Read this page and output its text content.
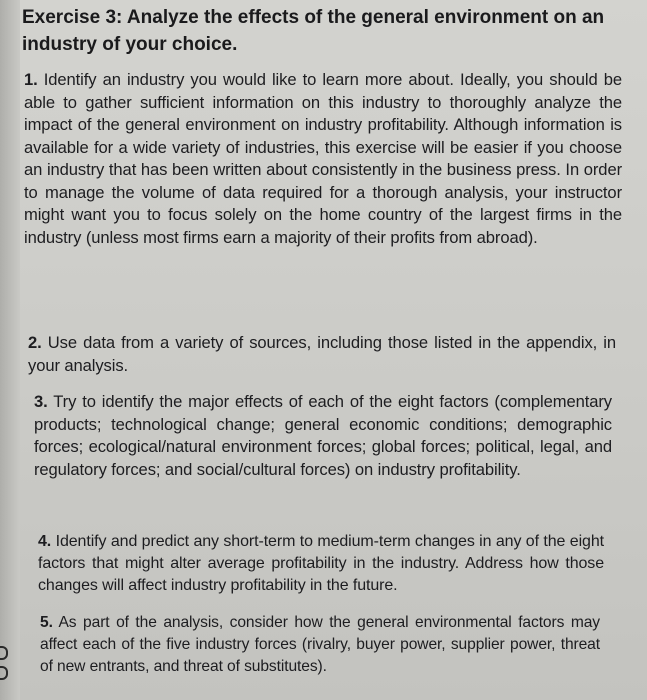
Exercise 3: Analyze the effects of the general environment on an industry of your choice.
1. Identify an industry you would like to learn more about. Ideally, you should be able to gather sufficient information on this industry to thoroughly analyze the impact of the general environment on industry profitability. Although information is available for a wide variety of industries, this exercise will be easier if you choose an industry that has been written about consistently in the business press. In order to manage the volume of data required for a thorough analysis, your instructor might want you to focus solely on the home country of the largest firms in the industry (unless most firms earn a majority of their profits from abroad).
2. Use data from a variety of sources, including those listed in the appendix, in your analysis.
3. Try to identify the major effects of each of the eight factors (complementary products; technological change; general economic conditions; demographic forces; ecological/natural environment forces; global forces; political, legal, and regulatory forces; and social/cultural forces) on industry profitability.
4. Identify and predict any short-term to medium-term changes in any of the eight factors that might alter average profitability in the industry. Address how those changes will affect industry profitability in the future.
5. As part of the analysis, consider how the general environmental factors may affect each of the five industry forces (rivalry, buyer power, supplier power, threat of new entrants, and threat of substitutes).
